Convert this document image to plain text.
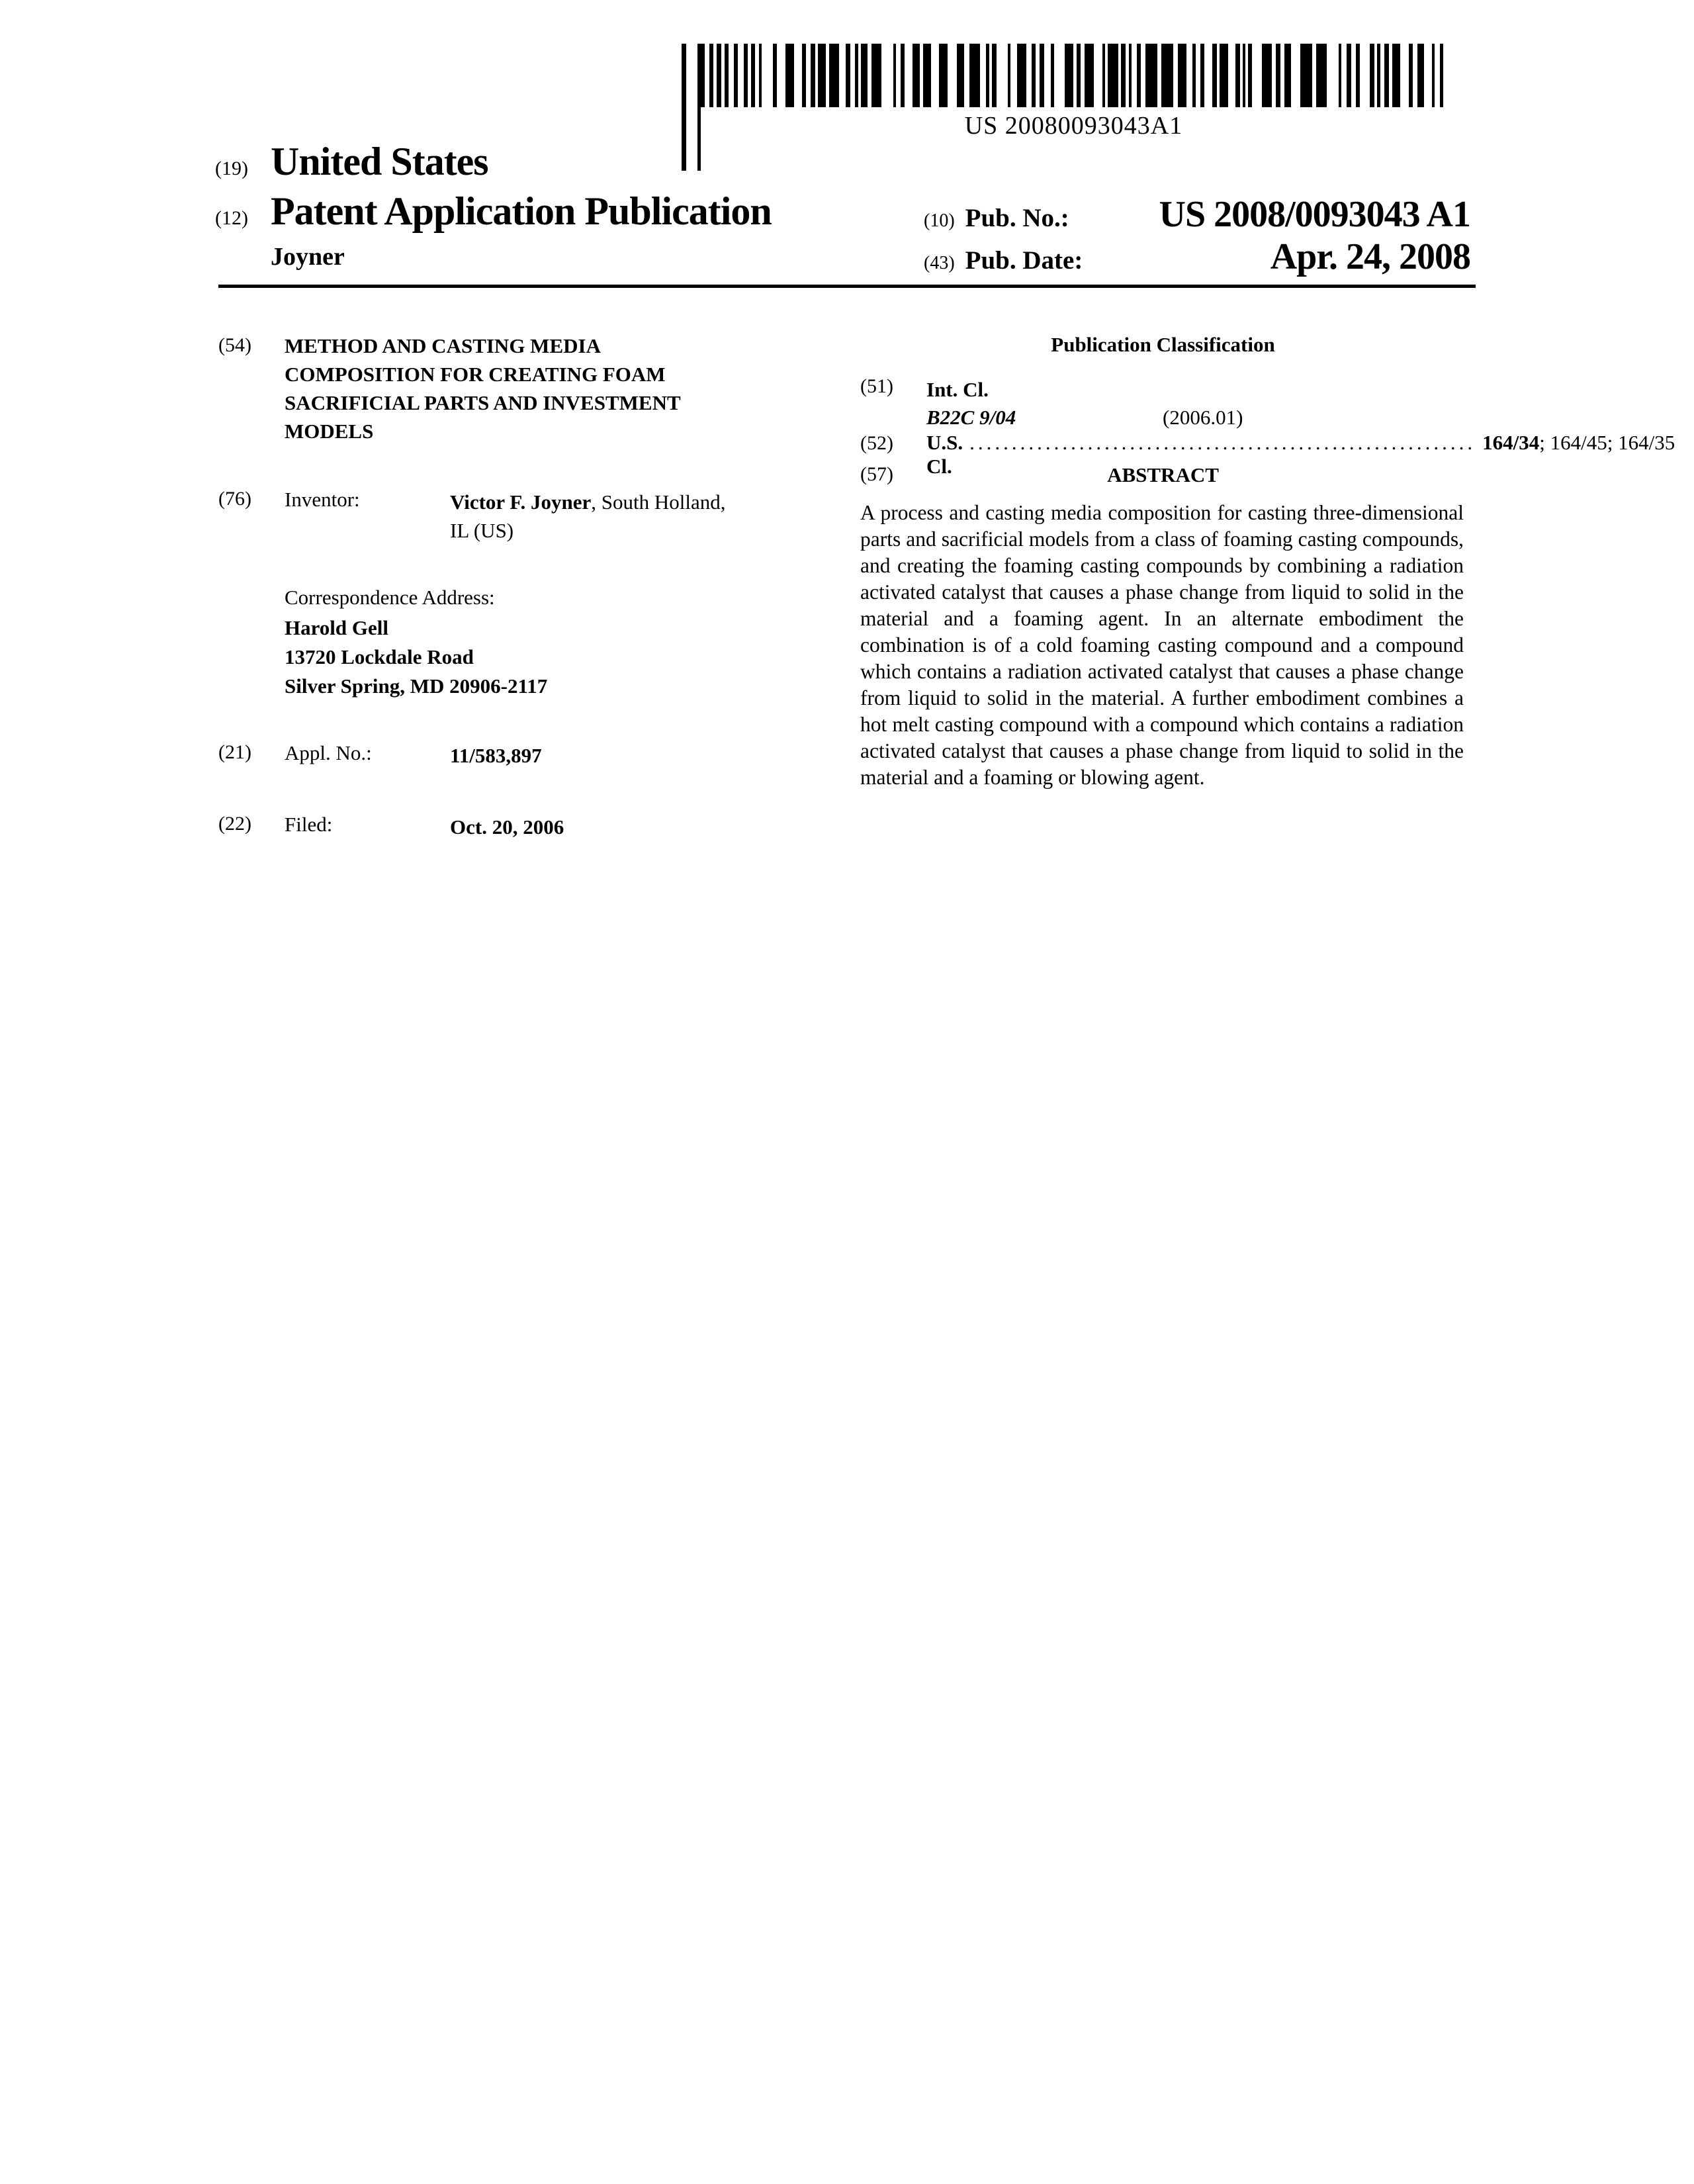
US 20080093043A1
(19) United States
(12) Patent Application Publication
Joyner
(10) Pub. No.: US 2008/0093043 A1
(43) Pub. Date:	Apr. 24, 2008
(54) METHOD AND CASTING MEDIA
COMPOSITION FOR CREATING FOAM
SACRIFICIAL PARTS AND INVESTMENT
MODELS
(76) Inventor:	Victor F. Joyner, South Holland,
IL (US)
Correspondence Address:
Harold Gell
13720 Lockdale Road
Silver Spring, MD 20906-2117
(21) Appl. No.:	11/583,897
(22) Filed:	Oct. 20, 2006
Publication Classification
(51) Int. Cl.
B22C 9/04	(2006.01)
(52)	U.S. Cl.
............................................................ 164/34; 164/45; 164/35
(57)	ABSTRACT
A process and casting media composition for casting three-dimensional parts and sacrificial models from a class of foaming casting compounds, and creating the foaming casting compounds by combining a radiation activated catalyst that causes a phase change from liquid to solid in the material and a foaming agent. In an alternate embodiment the combination is of a cold foaming casting compound and a compound which contains a radiation activated catalyst that causes a phase change from liquid to solid in the material. A further embodiment combines a hot melt casting compound with a compound which contains a radiation activated catalyst that causes a phase change from liquid to solid in the material and a foaming or blowing agent.
